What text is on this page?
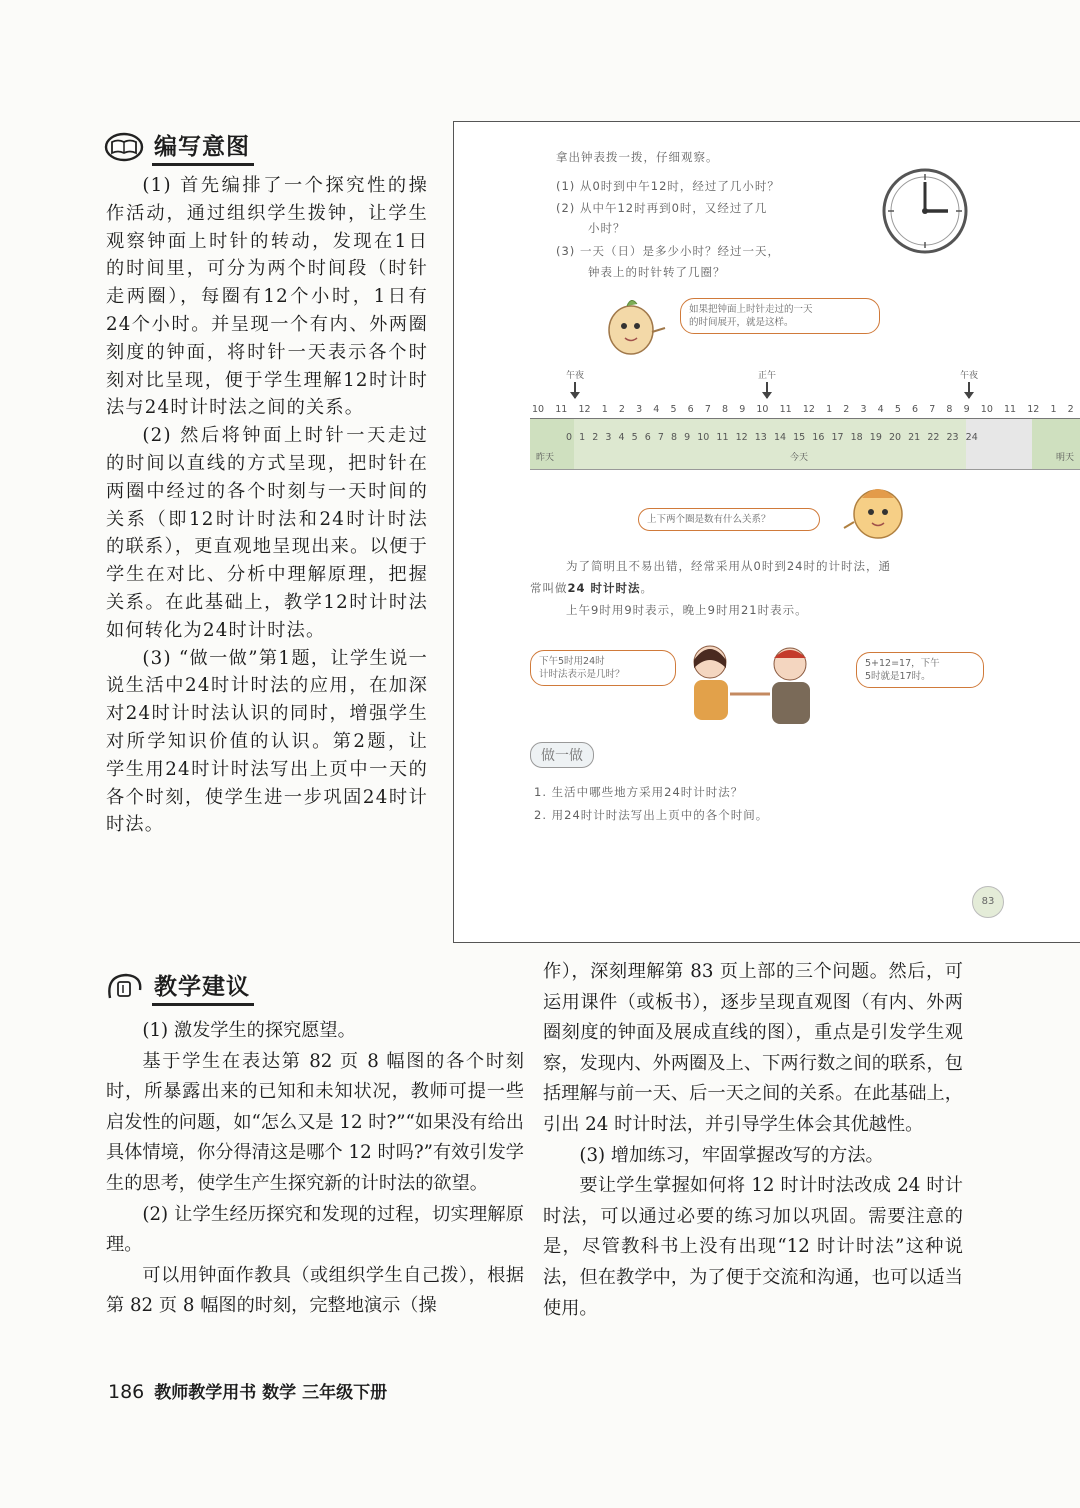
编写意图

(1) 首先编排了一个探究性的操作活动，通过组织学生拨钟，让学生观察钟面上时针的转动，发现在1日的时间里，可分为两个时间段（时针走两圈），每圈有12个小时，1日有24个小时。并呈现一个有内、外两圈刻度的钟面，将时针一天表示各个时刻对比呈现，便于学生理解12时计时法与24时计时法之间的关系。

(2) 然后将钟面上时针一天走过的时间以直线的方式呈现，把时针在两圈中经过的各个时刻与一天时间的关系（即12时计时法和24时计时法的联系），更直观地呈现出来。以便于学生在对比、分析中理解原理，把握关系。在此基础上，教学12时计时法如何转化为24时计时法。

(3) “做一做”第1题，让学生说一说生活中24时计时法的应用，在加深对24时计时法认识的同时，增强学生对所学知识价值的认识。第2题，让学生用24时计时法写出上页中一天的各个时刻，使学生进一步巩固24时计时法。

拿出钟表拨一拨，仔细观察。
(1) 从0时到中午12时，经过了几小时？
(2) 从中午12时再到0时，又经过了几
小时？
(3) 一天（日）是多少小时？经过一天，
钟表上的时针转了几圈？
如果把钟面上时针走过的一天
的时间展开，就是这样。
午夜	正午	午夜
10 11 12 1 2 3 4 5 6 7 8 9 10 11 12 1 2 3 4 5 6 7 8 9 10 11 12 1 2
0 1 2 3 4 5 6 7 8 9 10 11 12 13 14 15 16 17 18 19 20 21 22 23 24
昨天	今天	明天
上下两个圈是数有什么关系？
为了简明且不易出错，经常采用从0时到24时的计时法，通
常叫做24 时计时法。
上午9时用9时表示，晚上9时用21时表示。
下午5时用24时
计时法表示是几时？
5+12=17，下午
5时就是17时。
做一做
1. 生活中哪些地方采用24时计时法？
2. 用24时计时法写出上页中的各个时间。
83
教学建议

(1) 激发学生的探究愿望。

基于学生在表达第 82 页 8 幅图的各个时刻时，所暴露出来的已知和未知状况，教师可提一些启发性的问题，如“怎么又是 12 时?”“如果没有给出具体情境，你分得清这是哪个 12 时吗?”有效引发学生的思考，使学生产生探究新的计时法的欲望。

(2) 让学生经历探究和发现的过程，切实理解原理。

可以用钟面作教具（或组织学生自己拨），根据第 82 页 8 幅图的时刻，完整地演示（操

作），深刻理解第 83 页上部的三个问题。然后，可运用课件（或板书），逐步呈现直观图（有内、外两圈刻度的钟面及展成直线的图），重点是引发学生观察，发现内、外两圈及上、下两行数之间的联系，包括理解与前一天、后一天之间的关系。在此基础上，引出 24 时计时法，并引导学生体会其优越性。

(3) 增加练习，牢固掌握改写的方法。

要让学生掌握如何将 12 时计时法改成 24 时计时法，可以通过必要的练习加以巩固。需要注意的是，尽管教科书上没有出现“12 时计时法”这种说法，但在教学中，为了便于交流和沟通，也可以适当使用。

186 教师教学用书 数学 三年级下册
